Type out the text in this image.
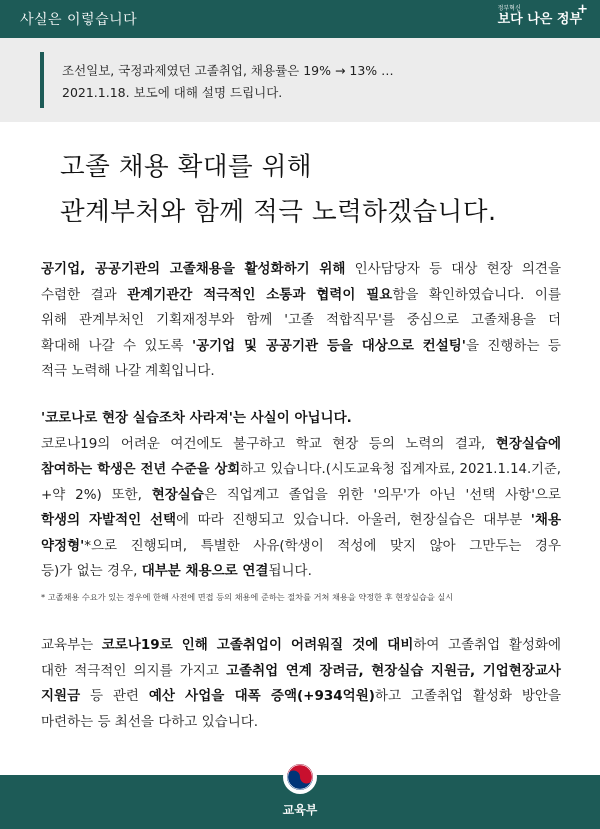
사실은 이렇습니다
정부혁신
보다 나은 정부
+
조선일보, 국정과제였던 고졸취업, 채용률은 19% → 13% …
2021.1.18. 보도에 대해 설명 드립니다.
고졸 채용 확대를 위해
관계부처와 함께 적극 노력하겠습니다.
공기업, 공공기관의 고졸채용을 활성화하기 위해 인사담당자 등 대상 현장 의견을
수렴한 결과 관계기관간 적극적인 소통과 협력이 필요함을 확인하였습니다. 이를
위해 관계부처인 기획재정부와 함께 '고졸 적합직무'를 중심으로 고졸채용을 더
확대해 나갈 수 있도록 '공기업 및 공공기관 등을 대상으로 컨설팅'을 진행하는 등
적극 노력해 나갈 계획입니다.
'코로나로 현장 실습조차 사라져'는 사실이 아닙니다.
코로나19의 어려운 여건에도 불구하고 학교 현장 등의 노력의 결과, 현장실습에
참여하는 학생은 전년 수준을 상회하고 있습니다.(시도교육청 집계자료, 2021.1.14.기준,
+약 2%) 또한, 현장실습은 직업계고 졸업을 위한 '의무'가 아닌 '선택 사항'으로
학생의 자발적인 선택에 따라 진행되고 있습니다. 아울러, 현장실습은 대부분 '채용
약정형'*으로 진행되며, 특별한 사유(학생이 적성에 맞지 않아 그만두는 경우
등)가 없는 경우, 대부분 채용으로 연결됩니다.
* 고졸채용 수요가 있는 경우에 한해 사전에 면접 등의 채용에 준하는 절차를 거쳐 채용을 약정한 후 현장실습을 실시
교육부는 코로나19로 인해 고졸취업이 어려워질 것에 대비하여 고졸취업 활성화에
대한 적극적인 의지를 가지고 고졸취업 연계 장려금, 현장실습 지원금, 기업현장교사
지원금 등 관련 예산 사업을 대폭 증액(+934억원)하고 고졸취업 활성화 방안을
마련하는 등 최선을 다하고 있습니다.
교육부
